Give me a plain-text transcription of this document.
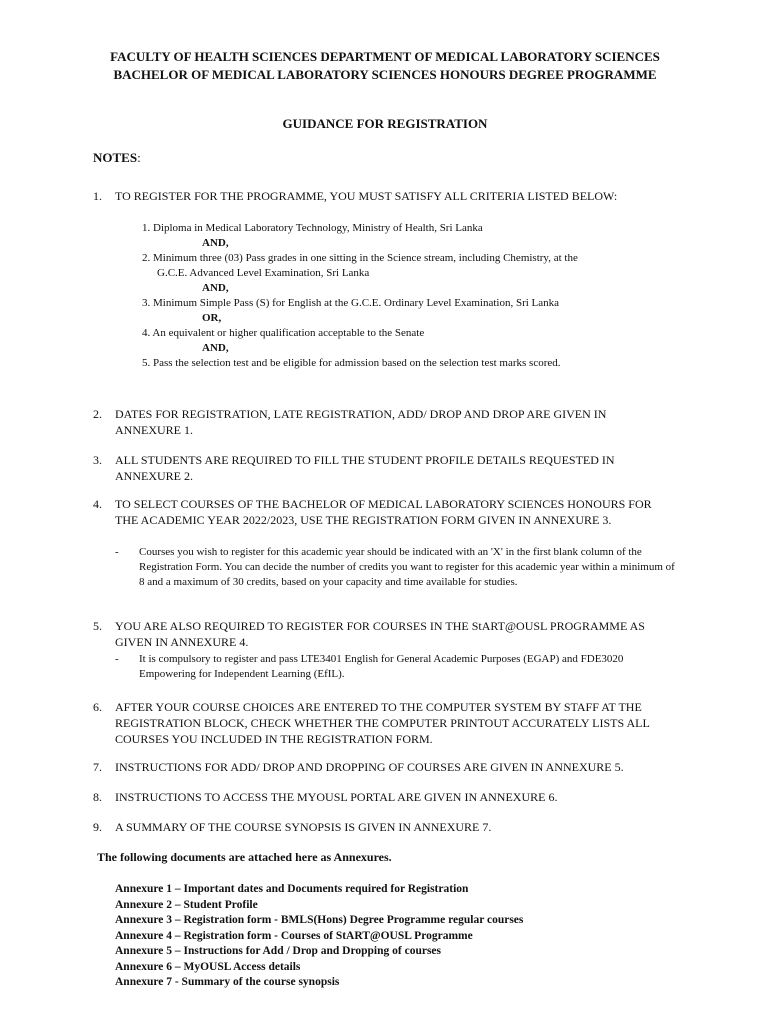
FACULTY OF HEALTH SCIENCES DEPARTMENT OF MEDICAL LABORATORY SCIENCES BACHELOR OF MEDICAL LABORATORY SCIENCES HONOURS DEGREE PROGRAMME
GUIDANCE FOR REGISTRATION
NOTES:
1. TO REGISTER FOR THE PROGRAMME, YOU MUST SATISFY ALL CRITERIA LISTED BELOW:
1. Diploma in Medical Laboratory Technology, Ministry of Health, Sri Lanka
AND,
2. Minimum three (03) Pass grades in one sitting in the Science stream, including Chemistry, at the
G.C.E. Advanced Level Examination, Sri Lanka
AND,
3. Minimum Simple Pass (S) for English at the G.C.E. Ordinary Level Examination, Sri Lanka
OR,
4. An equivalent or higher qualification acceptable to the Senate
AND,
5. Pass the selection test and be eligible for admission based on the selection test marks scored.
2. DATES FOR REGISTRATION, LATE REGISTRATION, ADD/ DROP AND DROP ARE GIVEN IN ANNEXURE 1.
3. ALL STUDENTS ARE REQUIRED TO FILL THE STUDENT PROFILE DETAILS REQUESTED IN ANNEXURE 2.
4. TO SELECT COURSES OF THE BACHELOR OF MEDICAL LABORATORY SCIENCES HONOURS FOR THE ACADEMIC YEAR 2022/2023, USE THE REGISTRATION FORM GIVEN IN ANNEXURE 3.
- Courses you wish to register for this academic year should be indicated with an 'X' in the first blank column of the Registration Form. You can decide the number of credits you want to register for this academic year within a minimum of 8 and a maximum of 30 credits, based on your capacity and time available for studies.
5. YOU ARE ALSO REQUIRED TO REGISTER FOR COURSES IN THE StART@OUSL PROGRAMME AS GIVEN IN ANNEXURE 4.
- It is compulsory to register and pass LTE3401 English for General Academic Purposes (EGAP) and FDE3020 Empowering for Independent Learning (EfIL).
6. AFTER YOUR COURSE CHOICES ARE ENTERED TO THE COMPUTER SYSTEM BY STAFF AT THE REGISTRATION BLOCK, CHECK WHETHER THE COMPUTER PRINTOUT ACCURATELY LISTS ALL COURSES YOU INCLUDED IN THE REGISTRATION FORM.
7. INSTRUCTIONS FOR ADD/ DROP AND DROPPING OF COURSES ARE GIVEN IN ANNEXURE 5.
8. INSTRUCTIONS TO ACCESS THE MYOUSL PORTAL ARE GIVEN IN ANNEXURE 6.
9. A SUMMARY OF THE COURSE SYNOPSIS IS GIVEN IN ANNEXURE 7.
The following documents are attached here as Annexures.
Annexure 1 – Important dates and Documents required for Registration
Annexure 2 – Student Profile
Annexure 3 – Registration form - BMLS(Hons) Degree Programme regular courses
Annexure 4 – Registration form - Courses of StART@OUSL Programme
Annexure 5 – Instructions for Add / Drop and Dropping of courses
Annexure 6 – MyOUSL Access details
Annexure 7 - Summary of the course synopsis
